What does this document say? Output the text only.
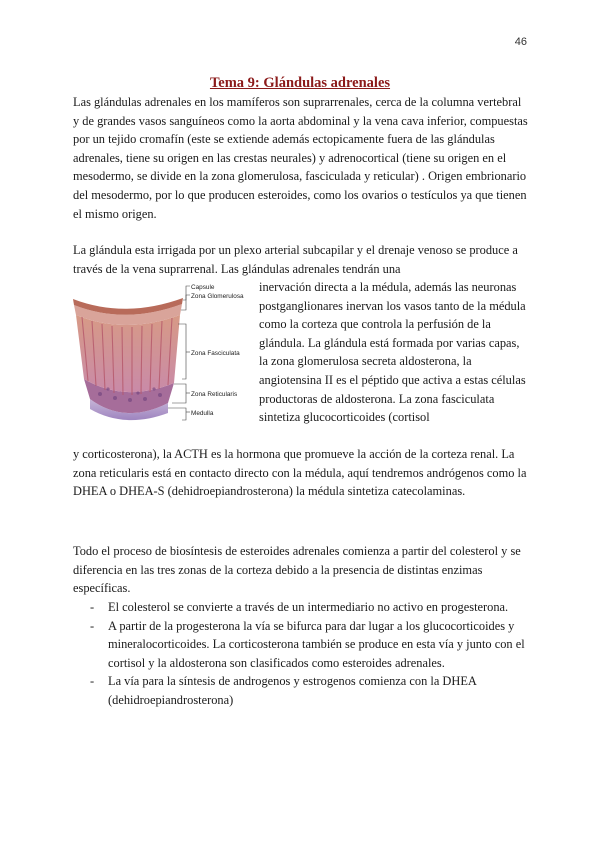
46
Tema 9: Glándulas adrenales

Las glándulas adrenales en los mamíferos son suprarrenales, cerca de la columna vertebral y de grandes vasos sanguíneos como la aorta abdominal y la vena cava inferior, compuestas por un tejido cromafín (este se extiende además ectopicamente fuera de las glándulas adrenales, tiene su origen en las crestas neurales) y adrenocortical (tiene su origen en el mesodermo, se divide en la zona glomerulosa, fasciculada y reticular) . Origen embrionario del mesodermo, por lo que producen esteroides, como los ovarios o testículos ya que tienen el mismo origen.

La glándula esta irrigada por un plexo arterial subcapilar y el drenaje venoso se produce a través de la vena suprarrenal. Las glándulas adrenales tendrán una

Capsule
Zona Glomerulosa
Zona Fasciculata
Zona Reticularis
Medulla

inervación directa a la médula, además las neuronas postganglionares inervan los vasos tanto de la médula como la corteza que controla la perfusión de la glándula. La glándula está formada por varias capas, la zona glomerulosa secreta aldosterona, la angiotensina II es el péptido que activa a estas células productoras de aldosterona. La zona fasciculata sintetiza glucocorticoides (cortisol

y corticosterona), la ACTH es la hormona que promueve la acción de la corteza renal. La zona reticularis está en contacto directo con la médula, aquí tendremos andrógenos como la DHEA o DHEA-S (dehidroepiandrosterona) la médula sintetiza catecolaminas.

Todo el proceso de biosíntesis de esteroides adrenales comienza a partir del colesterol y se diferencia en las tres zonas de la corteza debido a la presencia de distintas enzimas específicas.

- El colesterol se convierte a través de un intermediario no activo en progesterona.
- A partir de la progesterona la vía se bifurca para dar lugar a los glucocorticoides y mineralocorticoides. La corticosterona también se produce en esta vía y junto con el cortisol y la aldosterona son clasificados como esteroides adrenales.
- La vía para la síntesis de androgenos y estrogenos comienza con la DHEA (dehidroepiandrosterona)
